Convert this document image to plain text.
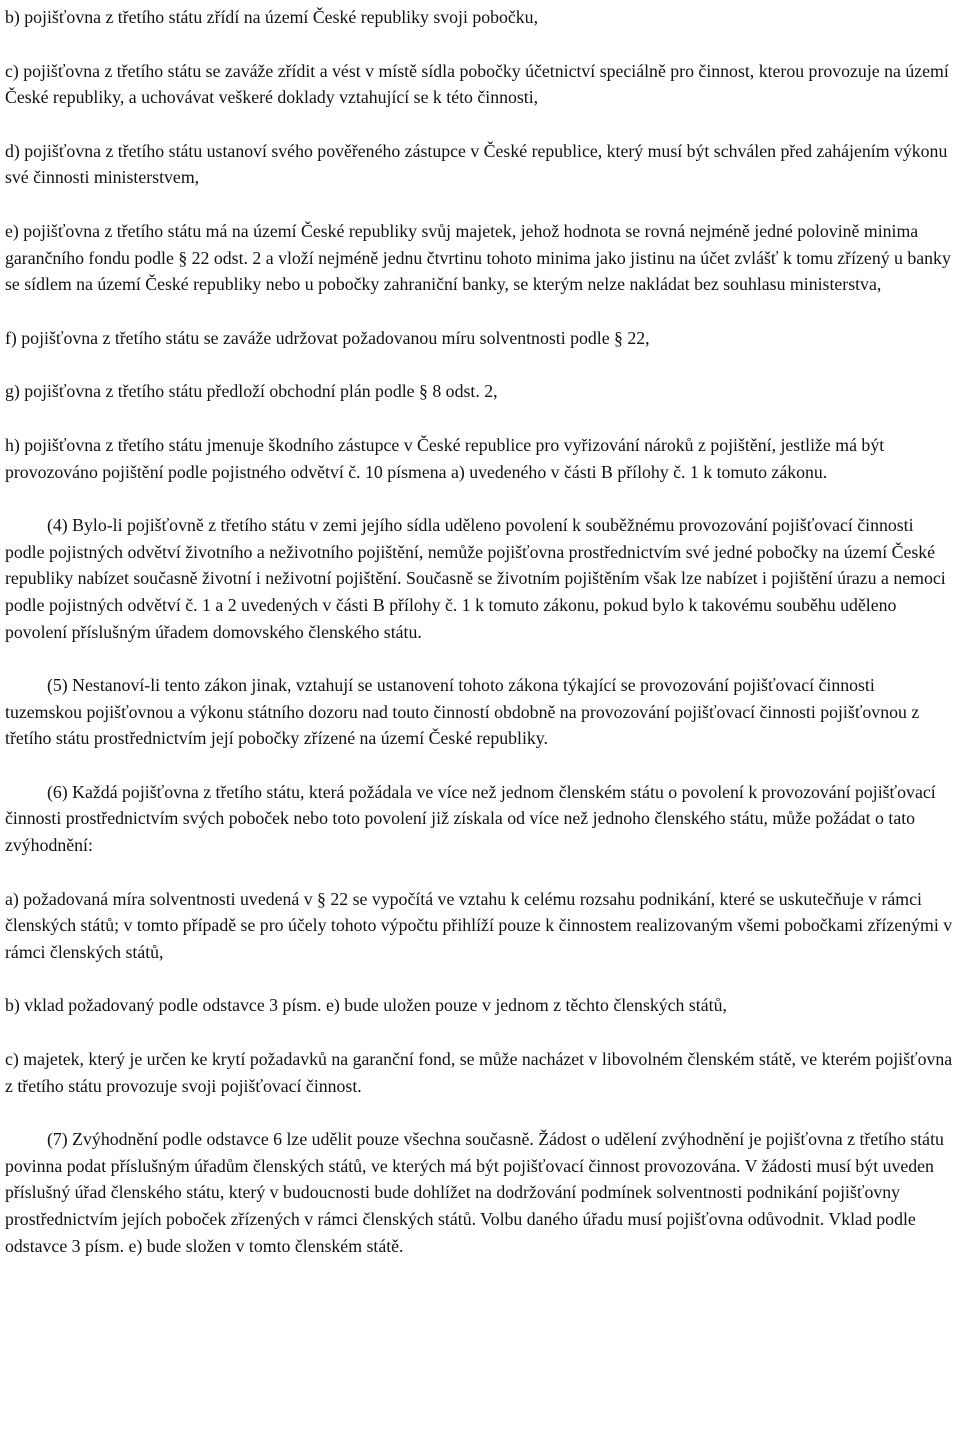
b) pojišťovna z třetího státu zřídí na území České republiky svoji pobočku,

c) pojišťovna z třetího státu se zaváže zřídit a vést v místě sídla pobočky účetnictví speciálně pro činnost, kterou provozuje na území České republiky, a uchovávat veškeré doklady vztahující se k této činnosti,

d) pojišťovna z třetího státu ustanoví svého pověřeného zástupce v České republice, který musí být schválen před zahájením výkonu své činnosti ministerstvem,

e) pojišťovna z třetího státu má na území České republiky svůj majetek, jehož hodnota se rovná nejméně jedné polovině minima garančního fondu podle § 22 odst. 2 a vloží nejméně jednu čtvrtinu tohoto minima jako jistinu na účet zvlášť k tomu zřízený u banky se sídlem na území České republiky nebo u pobočky zahraniční banky, se kterým nelze nakládat bez souhlasu ministerstva,

f) pojišťovna z třetího státu se zaváže udržovat požadovanou míru solventnosti podle § 22,

g) pojišťovna z třetího státu předloží obchodní plán podle § 8 odst. 2,

h) pojišťovna z třetího státu jmenuje škodního zástupce v České republice pro vyřizování nároků z pojištění, jestliže má být provozováno pojištění podle pojistného odvětví č. 10 písmena a) uvedeného v části B přílohy č. 1 k tomuto zákonu.

(4) Bylo-li pojišťovně z třetího státu v zemi jejího sídla uděleno povolení k souběžnému provozování pojišťovací činnosti podle pojistných odvětví životního a neživotního pojištění, nemůže pojišťovna prostřednictvím své jedné pobočky na území České republiky nabízet současně životní i neživotní pojištění. Současně se životním pojištěním však lze nabízet i pojištění úrazu a nemoci podle pojistných odvětví č. 1 a 2 uvedených v části B přílohy č. 1 k tomuto zákonu, pokud bylo k takovému souběhu uděleno povolení příslušným úřadem domovského členského státu.

(5) Nestanoví-li tento zákon jinak, vztahují se ustanovení tohoto zákona týkající se provozování pojišťovací činnosti tuzemskou pojišťovnou a výkonu státního dozoru nad touto činností obdobně na provozování pojišťovací činnosti pojišťovnou z třetího státu prostřednictvím její pobočky zřízené na území České republiky.

(6) Každá pojišťovna z třetího státu, která požádala ve více než jednom členském státu o povolení k provozování pojišťovací činnosti prostřednictvím svých poboček nebo toto povolení již získala od více než jednoho členského státu, může požádat o tato zvýhodnění:

a) požadovaná míra solventnosti uvedená v § 22 se vypočítá ve vztahu k celému rozsahu podnikání, které se uskutečňuje v rámci členských států; v tomto případě se pro účely tohoto výpočtu přihlíží pouze k činnostem realizovaným všemi pobočkami zřízenými v rámci členských států,

b) vklad požadovaný podle odstavce 3 písm. e) bude uložen pouze v jednom z těchto členských států,

c) majetek, který je určen ke krytí požadavků na garanční fond, se může nacházet v libovolném členském státě, ve kterém pojišťovna z třetího státu provozuje svoji pojišťovací činnost.

(7) Zvýhodnění podle odstavce 6 lze udělit pouze všechna současně. Žádost o udělení zvýhodnění je pojišťovna z třetího státu povinna podat příslušným úřadům členských států, ve kterých má být pojišťovací činnost provozována. V žádosti musí být uveden příslušný úřad členského státu, který v budoucnosti bude dohlížet na dodržování podmínek solventnosti podnikání pojišťovny prostřednictvím jejích poboček zřízených v rámci členských států. Volbu daného úřadu musí pojišťovna odůvodnit. Vklad podle odstavce 3 písm. e) bude složen v tomto členském státě.
